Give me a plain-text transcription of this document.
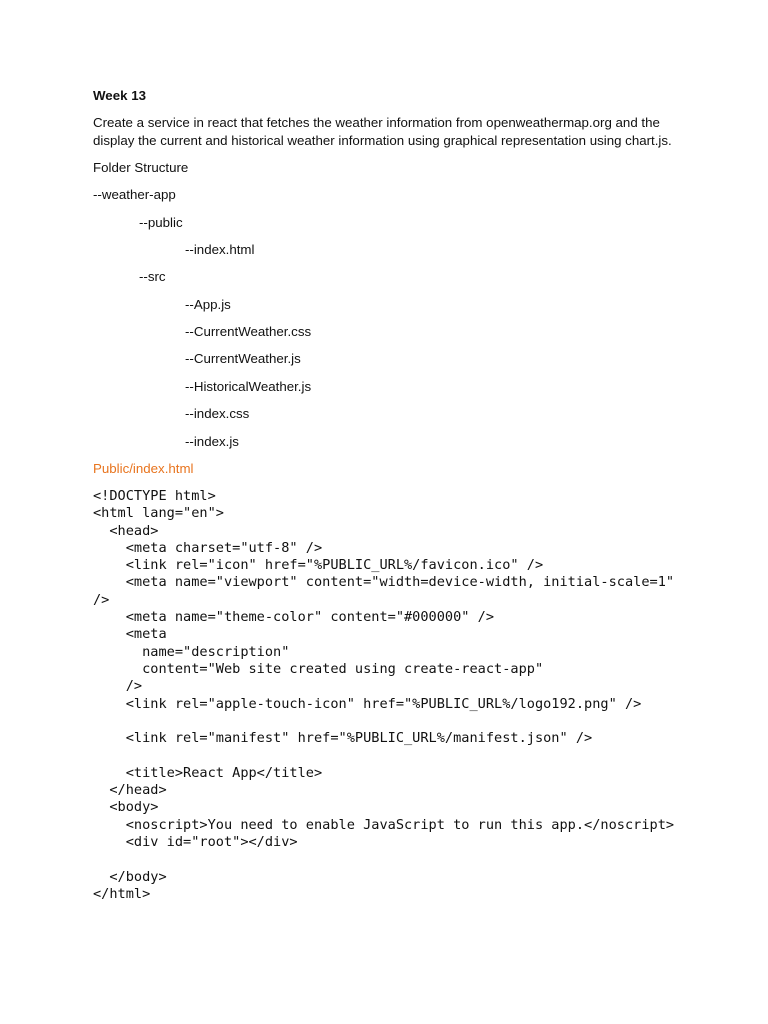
Week 13
Create a service in react that fetches the weather information from openweathermap.org and the display the current and historical weather information using graphical representation using chart.js.
Folder Structure
--weather-app
--public
--index.html
--src
--App.js
--CurrentWeather.css
--CurrentWeather.js
--HistoricalWeather.js
--index.css
--index.js
Public/index.html
<!DOCTYPE html>
<html lang="en">
<head>
<meta charset="utf-8" />
<link rel="icon" href="%PUBLIC_URL%/favicon.ico" />
<meta name="viewport" content="width=device-width, initial-scale=1"
/>
<meta name="theme-color" content="#000000" />
<meta
name="description"
content="Web site created using create-react-app"
/>
<link rel="apple-touch-icon" href="%PUBLIC_URL%/logo192.png" />

<link rel="manifest" href="%PUBLIC_URL%/manifest.json" />

<title>React App</title>
</head>
<body>
<noscript>You need to enable JavaScript to run this app.</noscript>
<div id="root"></div>

</body>
</html>
